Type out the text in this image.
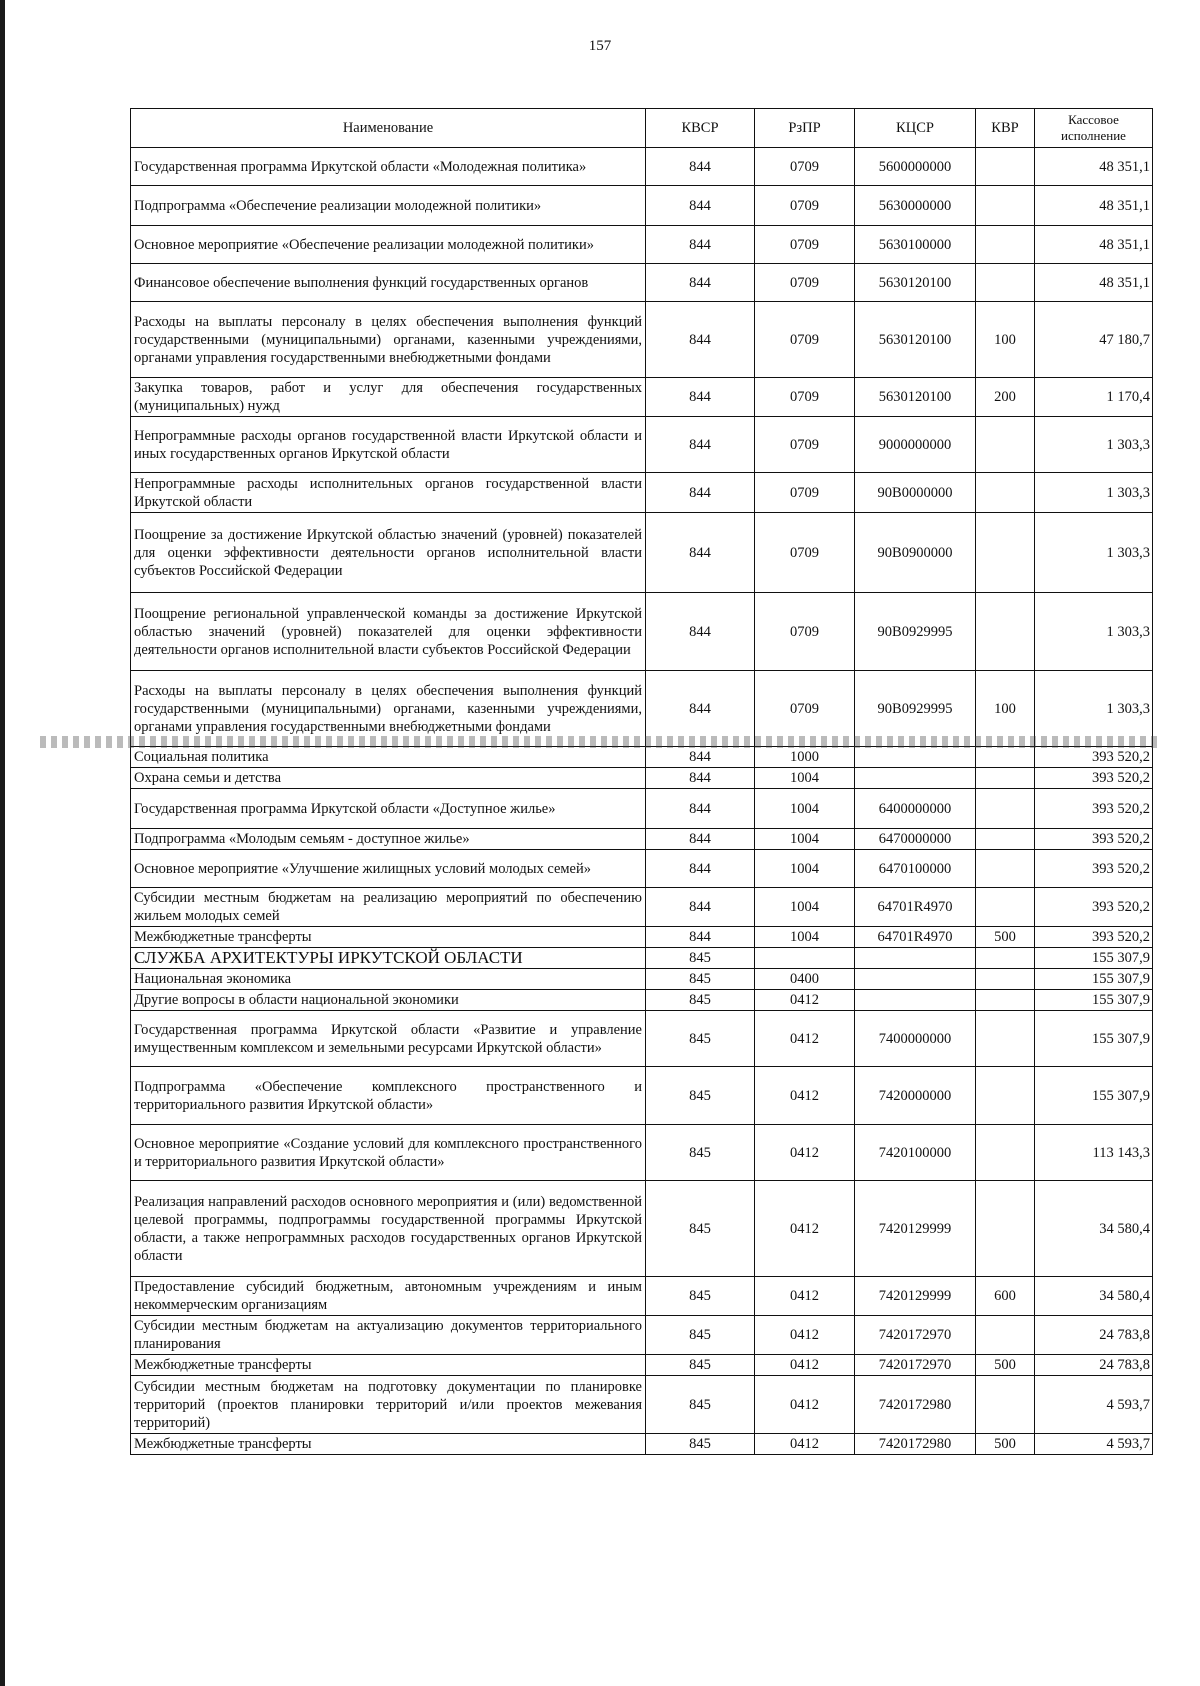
157
Наименование	КВСР	РзПР	КЦСР	КВР	Кассовое исполнение
Государственная программа Иркутской области «Молодежная политика»	844	0709	5600000000		48 351,1
Подпрограмма «Обеспечение реализации молодежной политики»	844	0709	5630000000		48 351,1
Основное мероприятие «Обеспечение реализации молодежной политики»	844	0709	5630100000		48 351,1
Финансовое обеспечение выполнения функций государственных органов	844	0709	5630120100		48 351,1
Расходы на выплаты персоналу в целях обеспечения выполнения функций государственными (муниципальными) органами, казенными учреждениями, органами управления государственными внебюджетными фондами	844	0709	5630120100	100	47 180,7
Закупка товаров, работ и услуг для обеспечения государственных (муниципальных) нужд	844	0709	5630120100	200	1 170,4
Непрограммные расходы органов государственной власти Иркутской области и иных государственных органов Иркутской области	844	0709	9000000000		1 303,3
Непрограммные расходы исполнительных органов государственной власти Иркутской области	844	0709	90В0000000		1 303,3
Поощрение за достижение Иркутской областью значений (уровней) показателей для оценки эффективности деятельности органов исполнительной власти субъектов Российской Федерации	844	0709	90В0900000		1 303,3
Поощрение региональной управленческой команды за достижение Иркутской областью значений (уровней) показателей для оценки эффективности деятельности органов исполнительной власти субъектов Российской Федерации	844	0709	90В0929995		1 303,3
Расходы на выплаты персоналу в целях обеспечения выполнения функций государственными (муниципальными) органами, казенными учреждениями, органами управления государственными внебюджетными фондами	844	0709	90В0929995	100	1 303,3
Социальная политика	844	1000			393 520,2
Охрана семьи и детства	844	1004			393 520,2
Государственная программа Иркутской области «Доступное жилье»	844	1004	6400000000		393 520,2
Подпрограмма «Молодым семьям - доступное жилье»	844	1004	6470000000		393 520,2
Основное мероприятие «Улучшение жилищных условий молодых семей»	844	1004	6470100000		393 520,2
Субсидии местным бюджетам на реализацию мероприятий по обеспечению жильем молодых семей	844	1004	64701R4970		393 520,2
Межбюджетные трансферты	844	1004	64701R4970	500	393 520,2
СЛУЖБА АРХИТЕКТУРЫ ИРКУТСКОЙ ОБЛАСТИ	845				155 307,9
Национальная экономика	845	0400			155 307,9
Другие вопросы в области национальной экономики	845	0412			155 307,9
Государственная программа Иркутской области «Развитие и управление имущественным комплексом и земельными ресурсами Иркутской области»	845	0412	7400000000		155 307,9
Подпрограмма «Обеспечение комплексного пространственного и территориального развития Иркутской области»	845	0412	7420000000		155 307,9
Основное мероприятие «Создание условий для комплексного пространственного и территориального развития Иркутской области»	845	0412	7420100000		113 143,3
Реализация направлений расходов основного мероприятия и (или) ведомственной целевой программы, подпрограммы государственной программы Иркутской области, а также непрограммных расходов государственных органов Иркутской области	845	0412	7420129999		34 580,4
Предоставление субсидий бюджетным, автономным учреждениям и иным некоммерческим организациям	845	0412	7420129999	600	34 580,4
Субсидии местным бюджетам на актуализацию документов территориального планирования	845	0412	7420172970		24 783,8
Межбюджетные трансферты	845	0412	7420172970	500	24 783,8
Субсидии местным бюджетам на подготовку документации по планировке территорий (проектов планировки территорий и/или проектов межевания территорий)	845	0412	7420172980		4 593,7
Межбюджетные трансферты	845	0412	7420172980	500	4 593,7
